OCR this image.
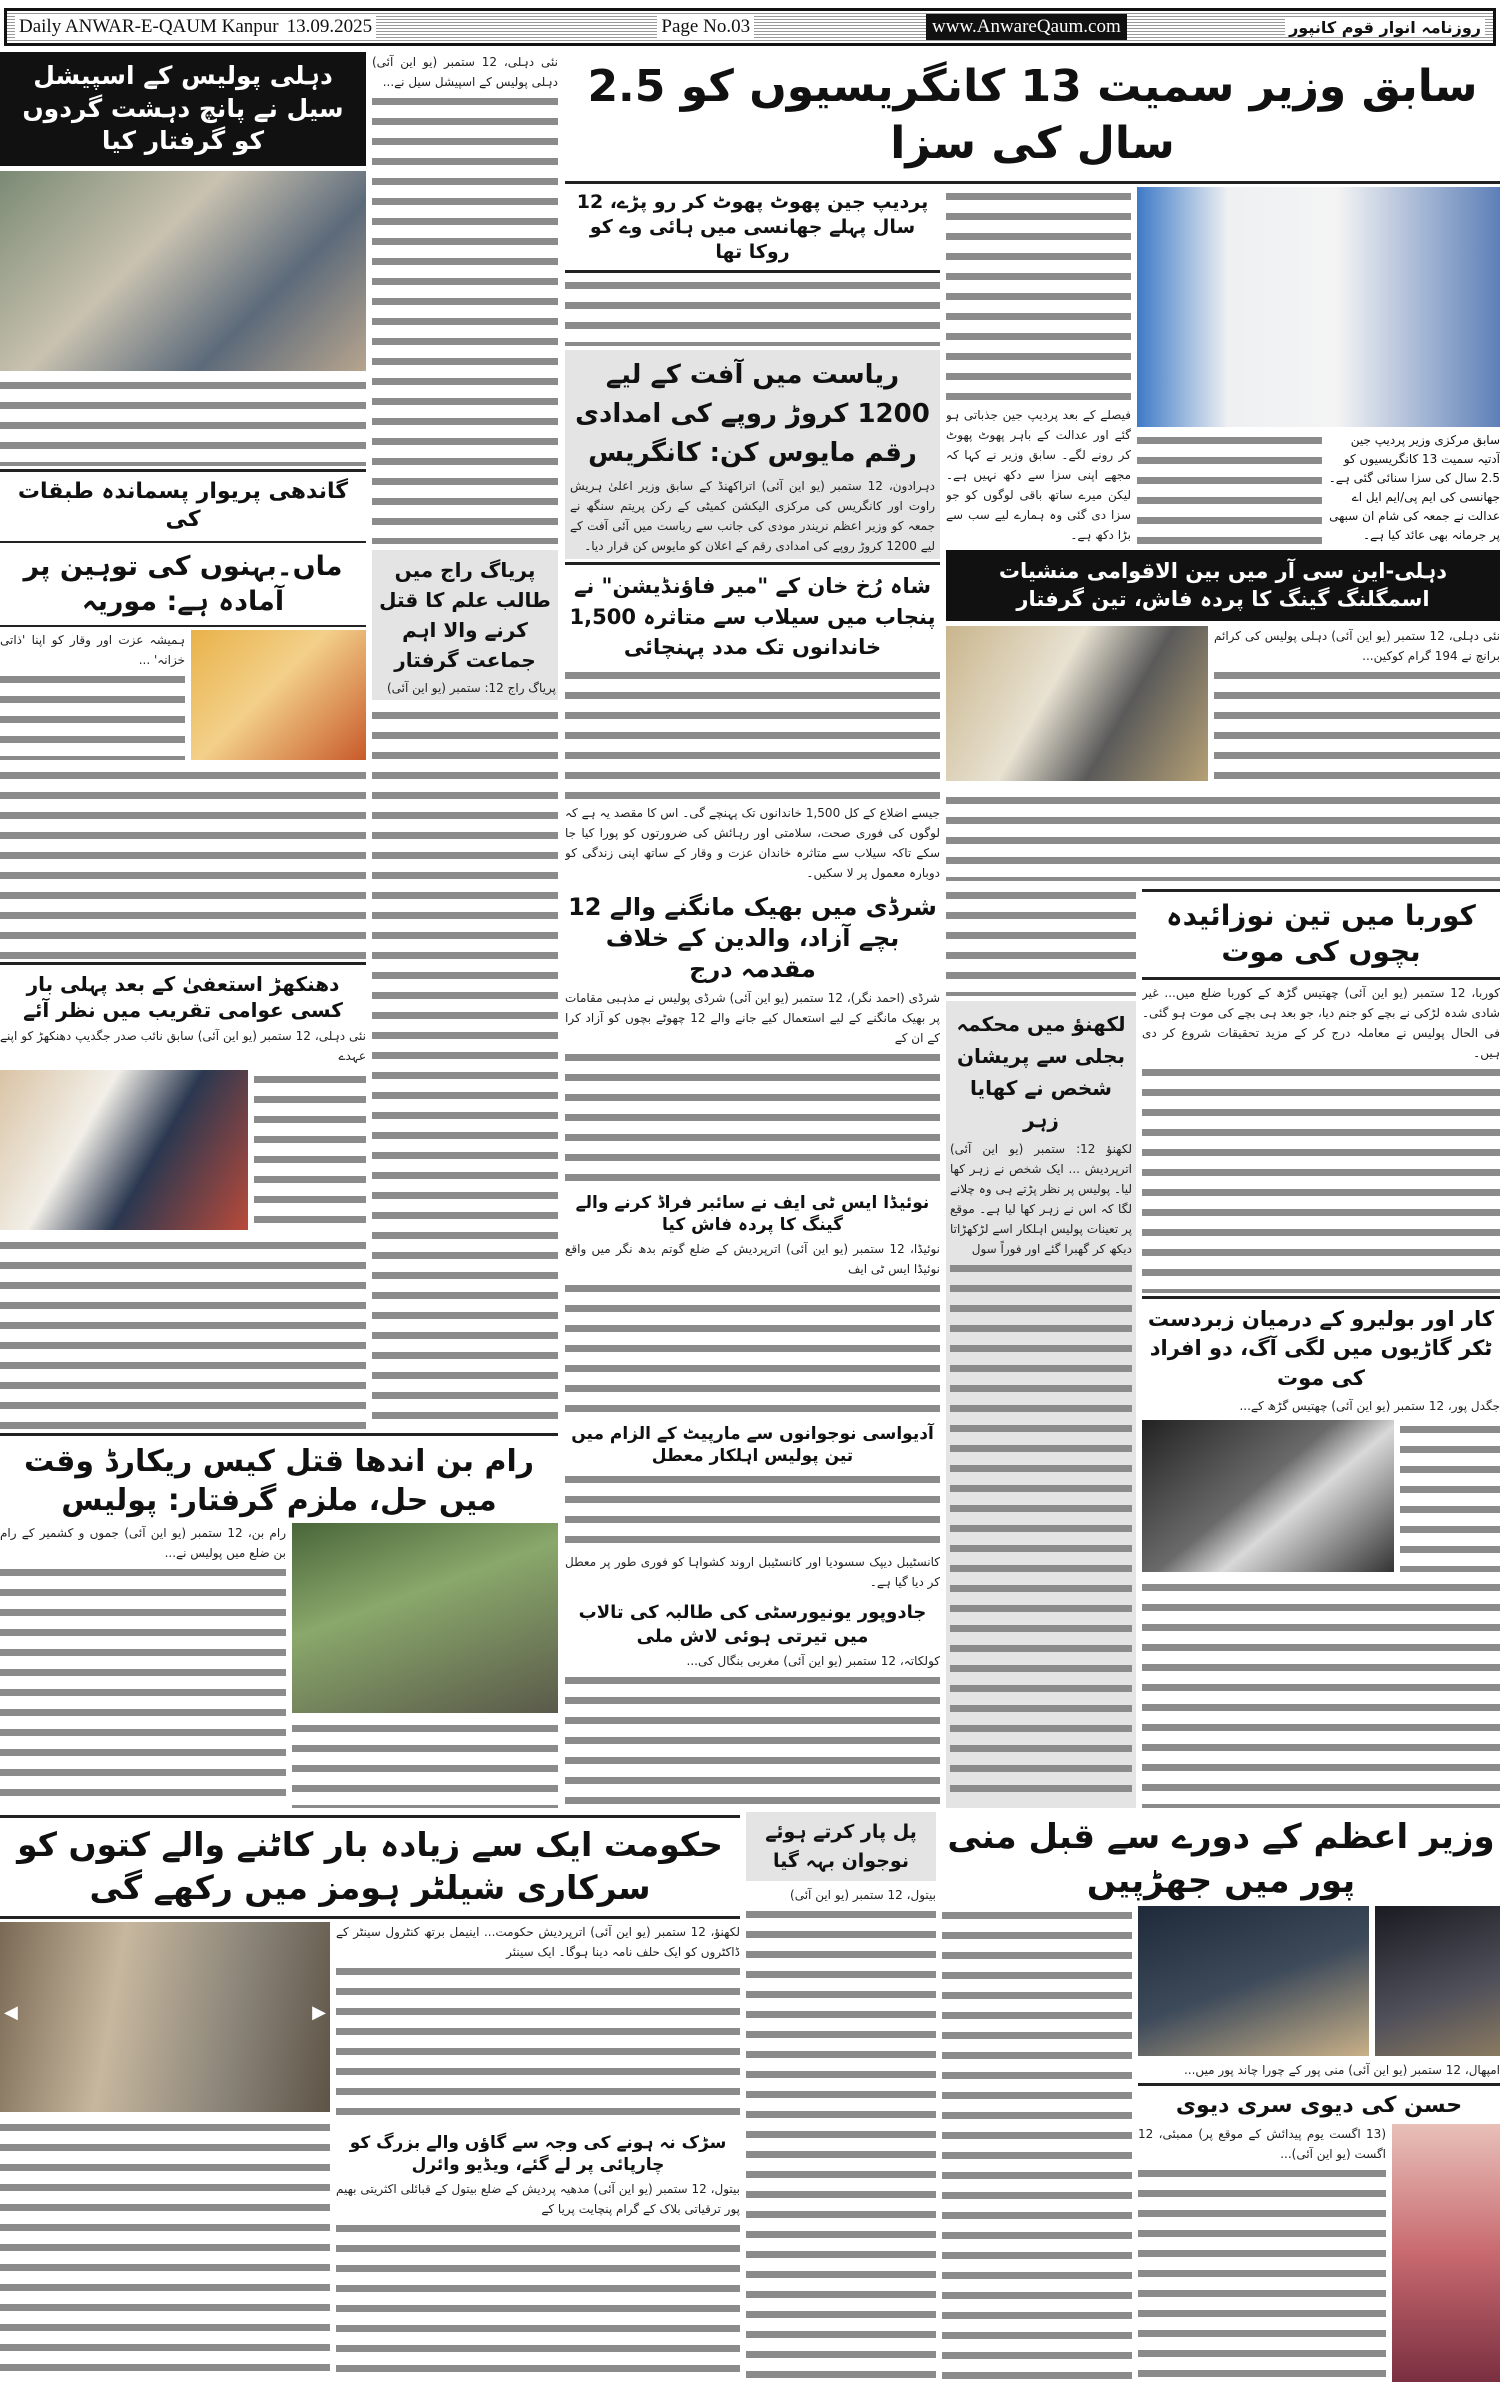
Daily ANWAR-E-QAUM Kanpur 13.09.2025	Page No.03	www.AnwareQaum.com	روزنامہ انوار قوم کانپور
دہلی پولیس کے اسپیشل سیل نے پانچ دہشت گردوں کو گرفتار کیا
گاندھی پریوار پسماندہ طبقات کی
ماں۔بہنوں کی توہین پر آمادہ ہے: موریہ
ہمیشہ عزت اور وقار کو اپنا 'ذاتی خزانہ' ...
دھنکھڑ استعفیٰ کے بعد پہلی بار کسی عوامی تقریب میں نظر آئے
نئی دہلی، 12 ستمبر (یو این آئی) سابق نائب صدر جگدیپ دھنکھڑ کو اپنے عہدے
نئی دہلی، 12 ستمبر (یو این آئی) دہلی پولیس کے اسپیشل سیل نے...
پریاگ راج میں طالب علم کا قتل کرنے والا اہم جماعت گرفتار
پریاگ راج 12: ستمبر (یو این آئی)
رام بن اندھا قتل کیس ریکارڈ وقت میں حل، ملزم گرفتار: پولیس
رام بن، 12 ستمبر (یو این آئی) جموں و کشمیر کے رام بن ضلع میں پولیس نے...
سابق وزیر سمیت 13 کانگریسیوں کو 2.5 سال کی سزا
پردیپ جین پھوٹ پھوٹ کر رو پڑے، 12 سال پہلے جھانسی میں ہائی وے کو روکا تھا
ریاست میں آفت کے لیے 1200 کروڑ روپے کی امدادی رقم مایوس کن: کانگریس
دہرادون، 12 ستمبر (یو این آئی) اتراکھنڈ کے سابق وزیر اعلیٰ ہریش راوت اور کانگریس کی مرکزی الیکشن کمیٹی کے رکن پریتم سنگھ نے جمعہ کو وزیر اعظم نریندر مودی کی جانب سے ریاست میں آئی آفت کے لیے 1200 کروڑ روپے کی امدادی رقم کے اعلان کو مایوس کن قرار دیا۔
شاہ رُخ خان کے "میر فاؤنڈیشن" نے پنجاب میں سیلاب سے متاثرہ 1,500 خاندانوں تک مدد پہنچائی
جیسے اضلاع کے کل 1,500 خاندانوں تک پہنچے گی۔ اس کا مقصد یہ ہے کہ لوگوں کی فوری صحت، سلامتی اور رہائش کی ضرورتوں کو پورا کیا جا سکے تاکہ سیلاب سے متاثرہ خاندان عزت و وقار کے ساتھ اپنی زندگی کو دوبارہ معمول پر لا سکیں۔
شرڈی میں بھیک مانگنے والے 12 بچے آزاد، والدین کے خلاف مقدمہ درج
شرڈی (احمد نگر)، 12 ستمبر (یو این آئی) شرڈی پولیس نے مذہبی مقامات پر بھیک مانگنے کے لیے استعمال کیے جانے والے 12 چھوٹے بچوں کو آزاد کرا کے ان کے
نوئیڈا ایس ٹی ایف نے سائبر فراڈ کرنے والے گینگ کا پردہ فاش کیا
نوئیڈا، 12 ستمبر (یو این آئی) اترپردیش کے ضلع گوتم بدھ نگر میں واقع نوئیڈا ایس ٹی ایف
آدیواسی نوجوانوں سے مارپیٹ کے الزام میں تین پولیس اہلکار معطل
کانسٹیبل دیپک سسودیا اور کانسٹیبل اروند کشواہا کو فوری طور پر معطل کر دیا گیا ہے۔
جادوپور یونیورسٹی کی طالبہ کی تالاب میں تیرتی ہوئی لاش ملی
کولکاتہ، 12 ستمبر (یو این آئی) مغربی بنگال کی...
فیصلے کے بعد پردیپ جین جذباتی ہو گئے اور عدالت کے باہر پھوٹ پھوٹ کر رونے لگے۔ سابق وزیر نے کہا کہ مجھے اپنی سزا سے دکھ نہیں ہے۔ لیکن میرے ساتھ باقی لوگوں کو جو سزا دی گئی وہ ہمارے لیے سب سے بڑا دکھ ہے۔
سابق مرکزی وزیر پردیپ جین آدتیہ سمیت 13 کانگریسیوں کو 2.5 سال کی سزا سنائی گئی ہے۔ جھانسی کی ایم پی/ایم ایل اے عدالت نے جمعہ کی شام ان سبھی پر جرمانہ بھی عائد کیا ہے۔
دہلی-این سی آر میں بین الاقوامی منشیات اسمگلنگ گینگ کا پردہ فاش، تین گرفتار
نئی دہلی، 12 ستمبر (یو این آئی) دہلی پولیس کی کرائم برانچ نے 194 گرام کوکین...
لکھنؤ میں محکمہ بجلی سے پریشان شخص نے کھایا زہر
لکھنؤ 12: ستمبر (یو این آئی) اترپردیش ... ایک شخص نے زہر کھا لیا۔ پولیس پر نظر پڑتے ہی وہ چلانے لگا کہ اس نے زہر کھا لیا ہے۔ موقع پر تعینات پولیس اہلکار اسے لڑکھڑاتا دیکھ کر گھبرا گئے اور فوراً سول
کوربا میں تین نوزائیدہ بچوں کی موت
کوربا، 12 ستمبر (یو این آئی) چھتیس گڑھ کے کوربا ضلع میں... غیر شادی شدہ لڑکی نے بچے کو جنم دیا، جو بعد ہی بچے کی موت ہو گئی۔ فی الحال پولیس نے معاملہ درج کر کے مزید تحقیقات شروع کر دی ہیں۔
کار اور بولیرو کے درمیان زبردست ٹکر گاڑیوں میں لگی آگ، دو افراد کی موت
جگدل پور، 12 ستمبر (یو این آئی) چھتیس گڑھ کے...
حکومت ایک سے زیادہ بار کاٹنے والے کتوں کو سرکاری شیلٹر ہومز میں رکھے گی
◀	▶
لکھنؤ، 12 ستمبر (یو این آئی) اترپردیش حکومت... اینیمل برتھ کنٹرول سینٹر کے ڈاکٹروں کو ایک حلف نامہ دینا ہوگا۔ ایک سینئر
سڑک نہ ہونے کی وجہ سے گاؤں والے بزرگ کو چارپائی پر لے گئے، ویڈیو وائرل
بیتول، 12 ستمبر (یو این آئی) مدھیہ پردیش کے ضلع بیتول کے قبائلی اکثریتی بھیم پور ترقیاتی بلاک کے گرام پنچایت پریا کے
پل پار کرتے ہوئے نوجوان بہہ گیا
بیتول، 12 ستمبر (یو این آئی)
وزیر اعظم کے دورے سے قبل منی پور میں جھڑپیں
امپھال، 12 ستمبر (یو این آئی) منی پور کے چورا چاند پور میں...
حسن کی دیوی سری دیوی
(13 اگست یوم پیدائش کے موقع پر) ممبئی، 12 اگست (یو این آئی)...
